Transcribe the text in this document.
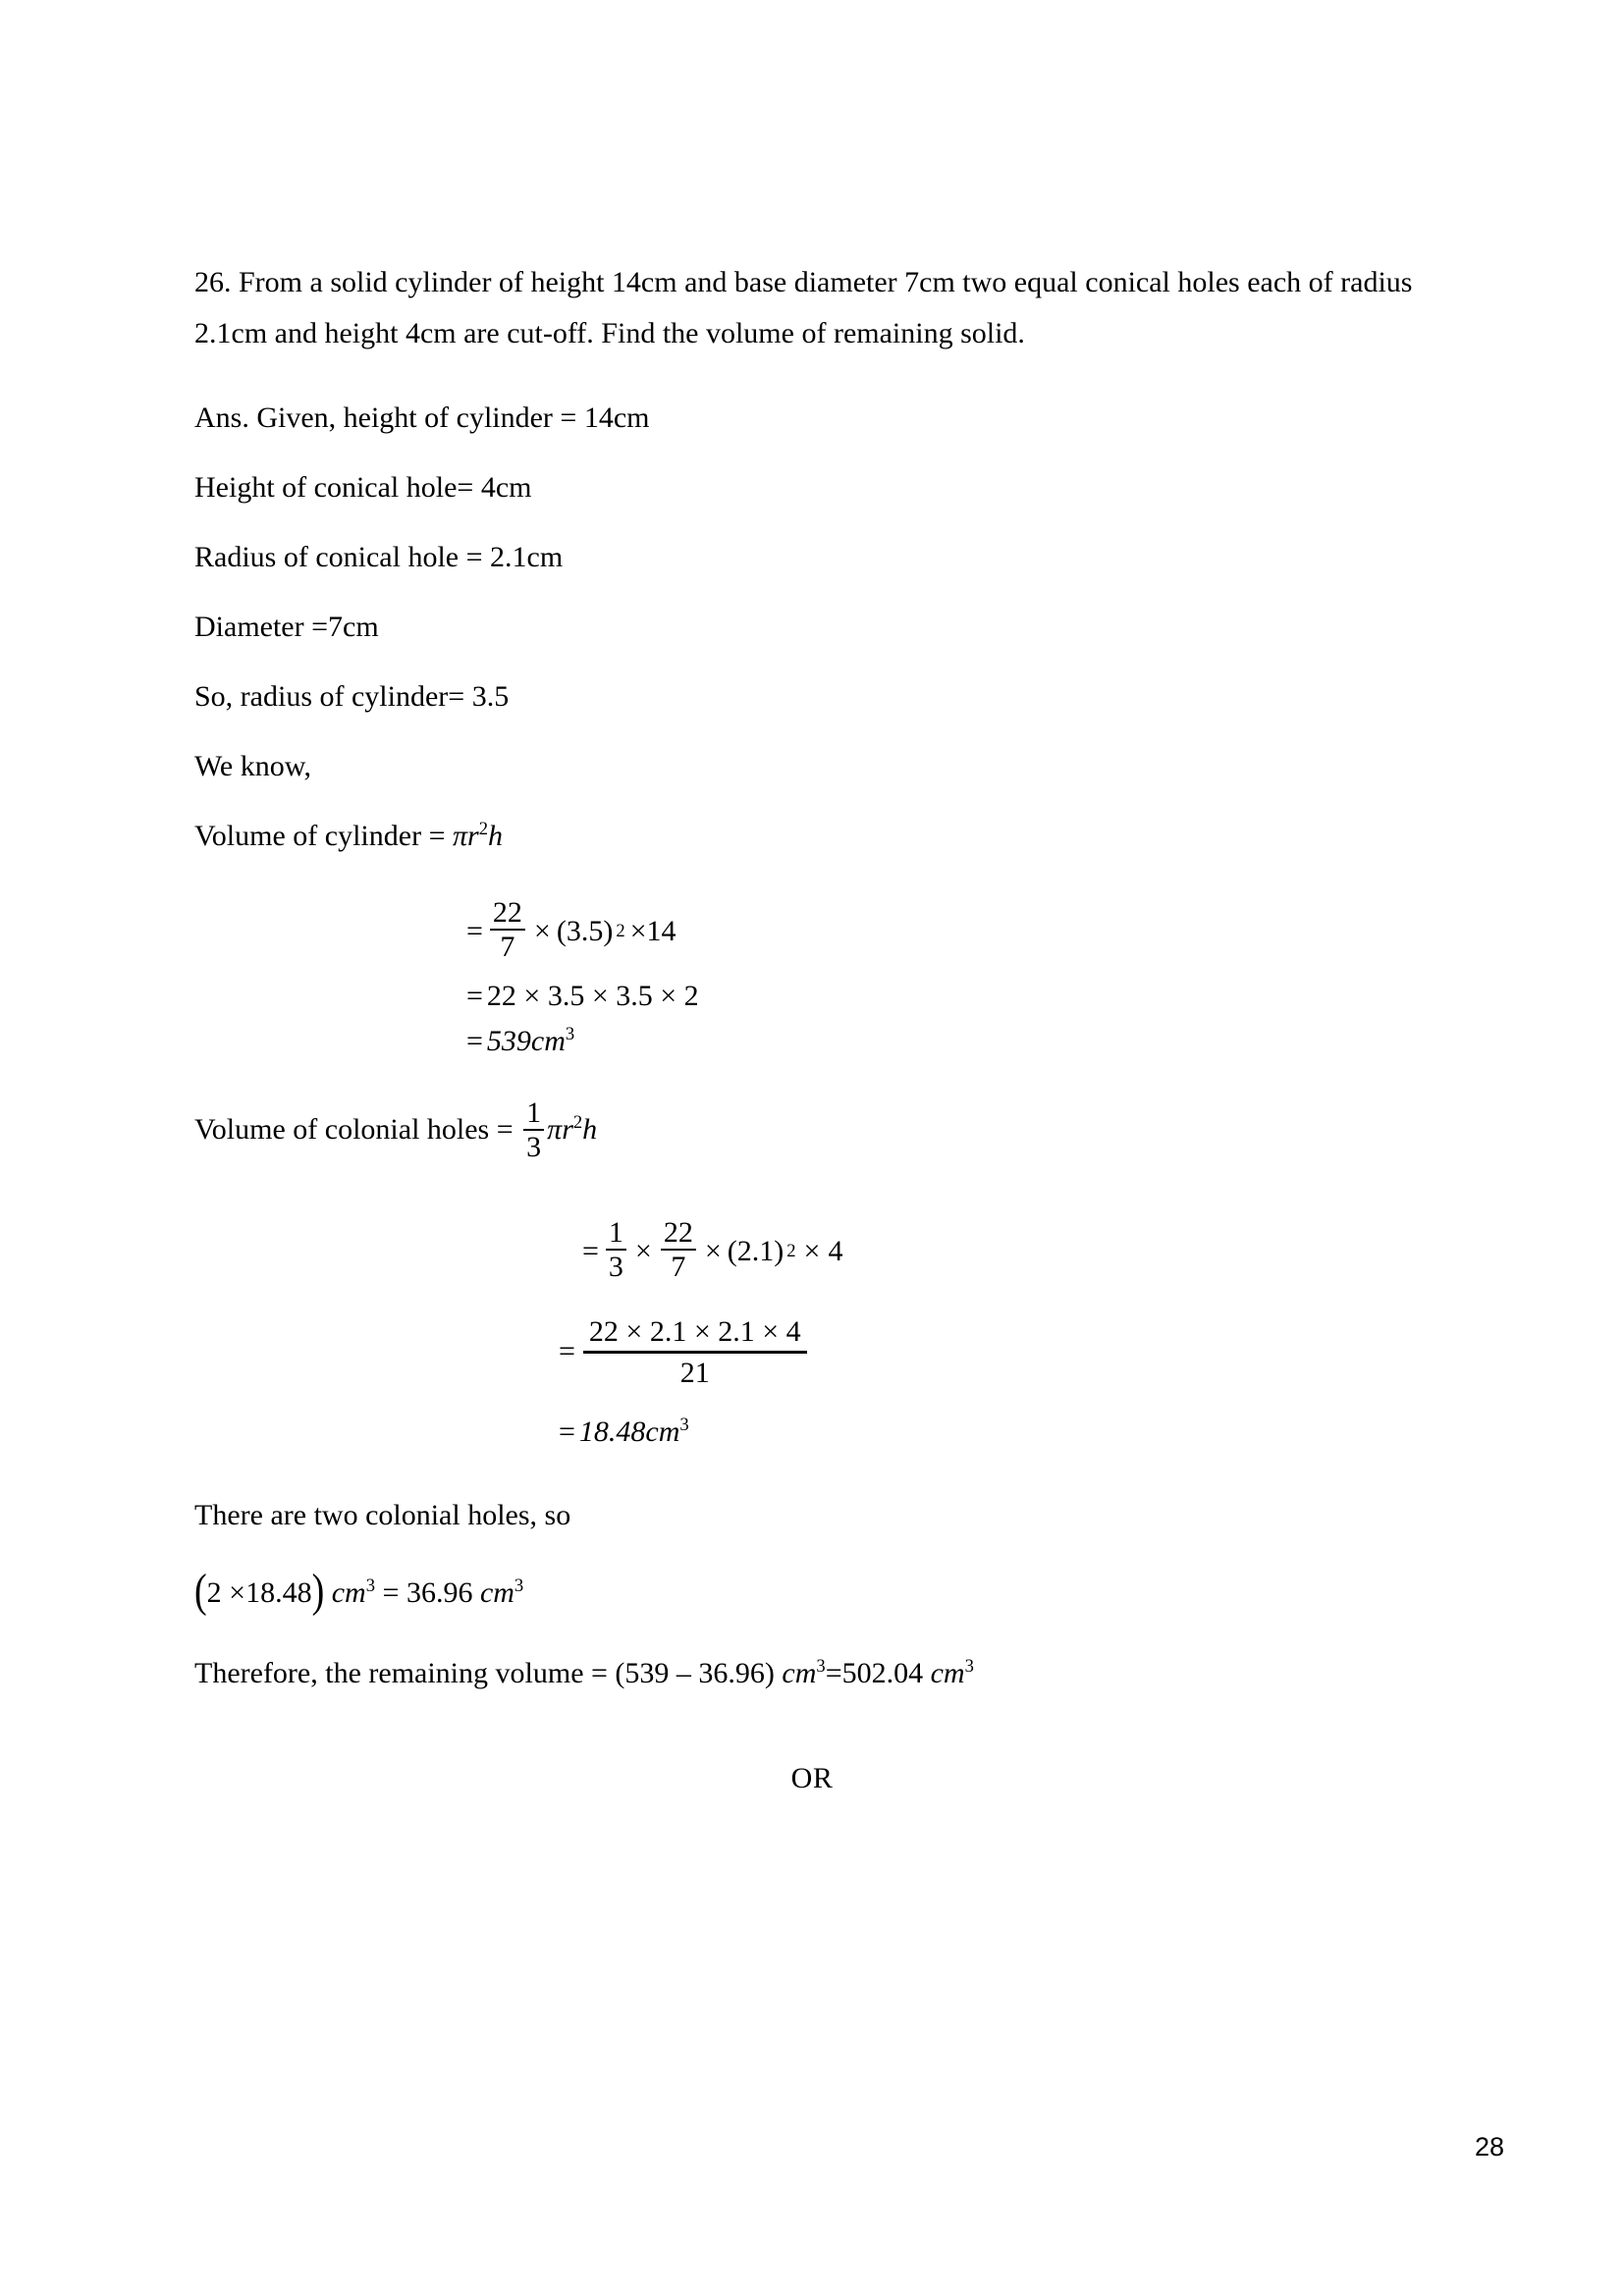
26. From a solid cylinder of height 14cm and base diameter 7cm two equal conical holes each of radius 2.1cm and height 4cm are cut-off. Find the volume of remaining solid.

Ans. Given, height of cylinder = 14cm

Height of conical hole= 4cm

Radius of conical hole = 2.1cm

Diameter =7cm

So, radius of cylinder= 3.5

We know,

Volume of cylinder = $\pi r^2h$

= $\frac{22}{7} \times (3.5) 2 \times 14$
= 22 × 3.5 × 3.5 × 2
= $539cm^3$

Volume of colonial holes = $\frac{1}{3} \pi r^2h$

= $\frac{1}{3} \times \frac{22}{7} \times (2.1) 2 \times 4$
=
22 × 2.1 × 2.1 × 4
21
= $18.48cm^3$

There are two colonial holes, so

(2 ×18.48) $cm^3 = 36.96$ $cm^3$

Therefore, the remaining volume = (539 – 36.96) $cm^3=502.04$ $cm^3$

OR
28
